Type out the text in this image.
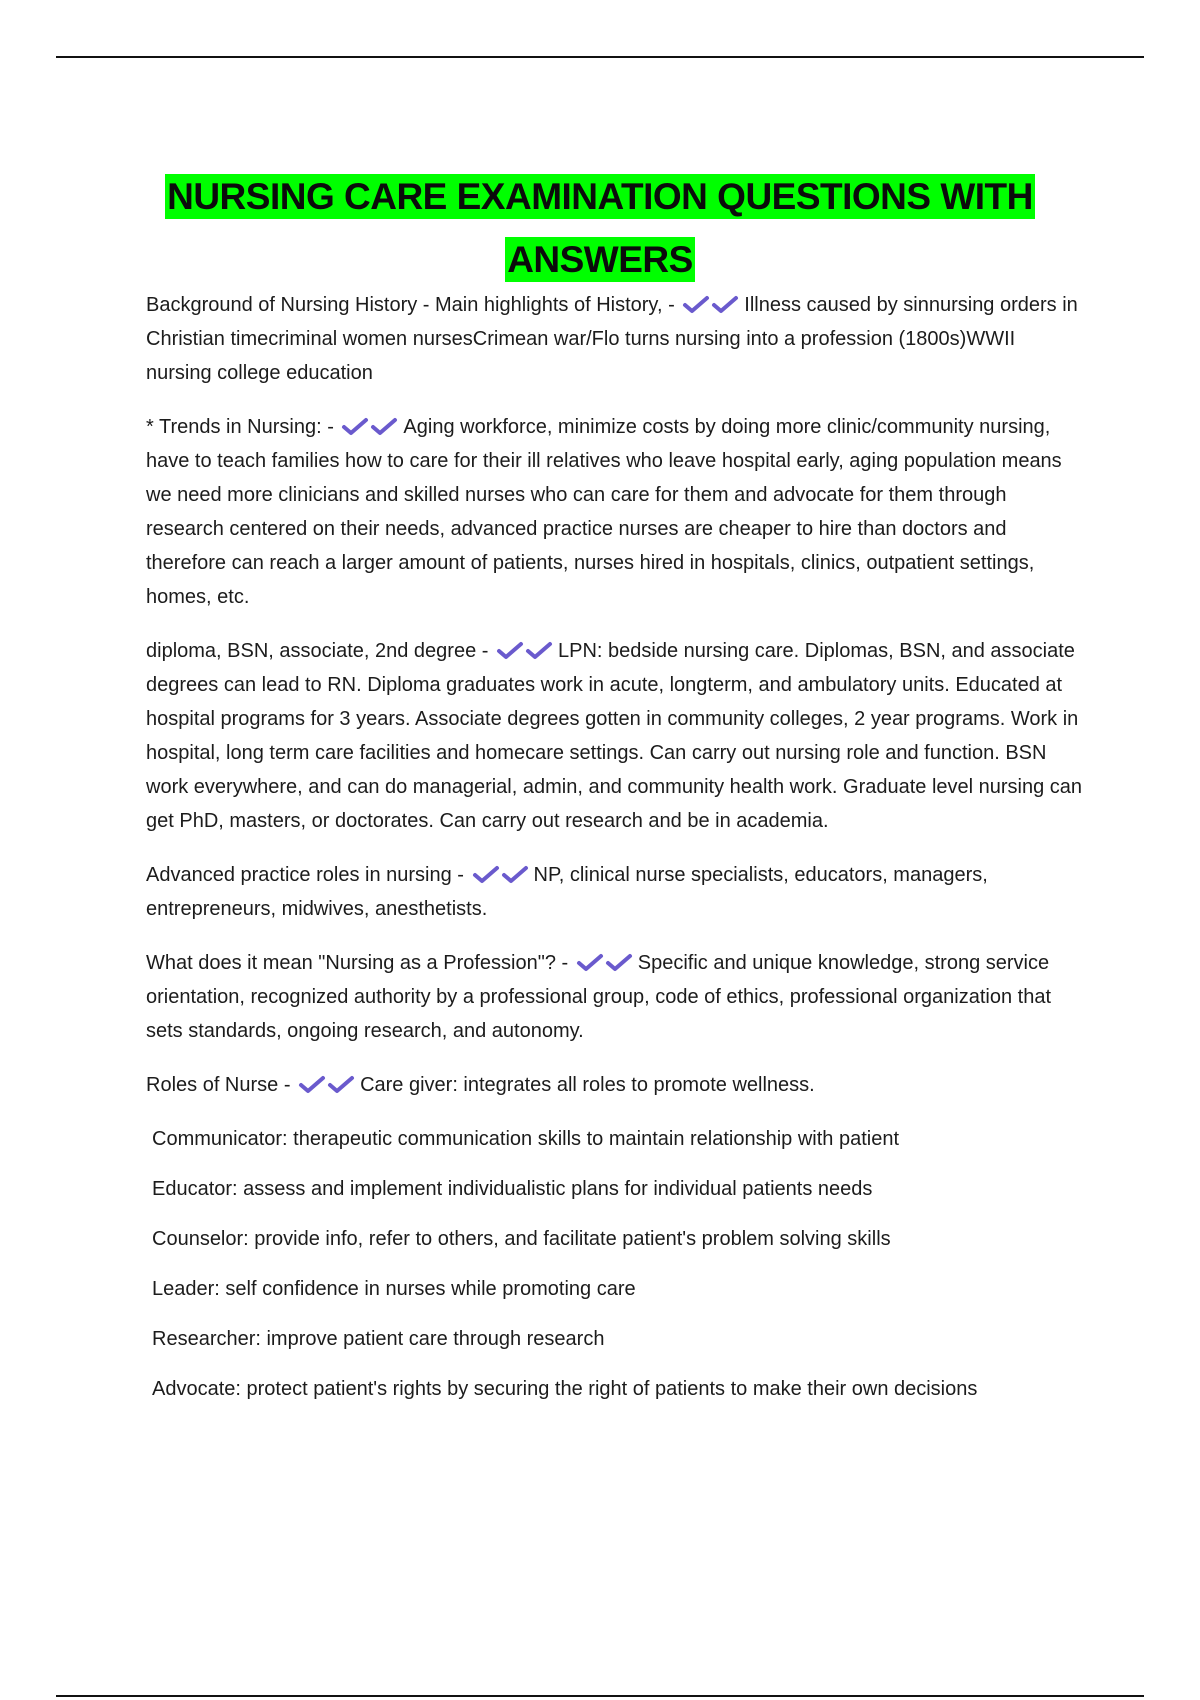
NURSING CARE EXAMINATION QUESTIONS WITH
ANSWERS

Background of Nursing History - Main highlights of History, -	Illness caused by sinnursing orders in Christian timecriminal women nursesCrimean war/Flo turns nursing into a profession (1800s)WWII nursing college education

* Trends in Nursing: -	Aging workforce, minimize costs by doing more clinic/community nursing, have to teach families how to care for their ill relatives who leave hospital early, aging population means we need more clinicians and skilled nurses who can care for them and advocate for them through research centered on their needs, advanced practice nurses are cheaper to hire than doctors and therefore can reach a larger amount of patients, nurses hired in hospitals, clinics, outpatient settings, homes, etc.

diploma, BSN, associate, 2nd degree -	LPN: bedside nursing care. Diplomas, BSN, and associate degrees can lead to RN. Diploma graduates work in acute, longterm, and ambulatory units. Educated at hospital programs for 3 years. Associate degrees gotten in community colleges, 2 year programs. Work in hospital, long term care facilities and homecare settings. Can carry out nursing role and function. BSN work everywhere, and can do managerial, admin, and community health work. Graduate level nursing can get PhD, masters, or doctorates. Can carry out research and be in academia.

Advanced practice roles in nursing -	NP, clinical nurse specialists, educators, managers, entrepreneurs, midwives, anesthetists.

What does it mean "Nursing as a Profession"? -	Specific and unique knowledge, strong service orientation, recognized authority by a professional group, code of ethics, professional organization that sets standards, ongoing research, and autonomy.

Roles of Nurse -	Care giver: integrates all roles to promote wellness.

Communicator: therapeutic communication skills to maintain relationship with patient

Educator: assess and implement individualistic plans for individual patients needs

Counselor: provide info, refer to others, and facilitate patient's problem solving skills

Leader: self confidence in nurses while promoting care

Researcher: improve patient care through research

Advocate: protect patient's rights by securing the right of patients to make their own decisions
